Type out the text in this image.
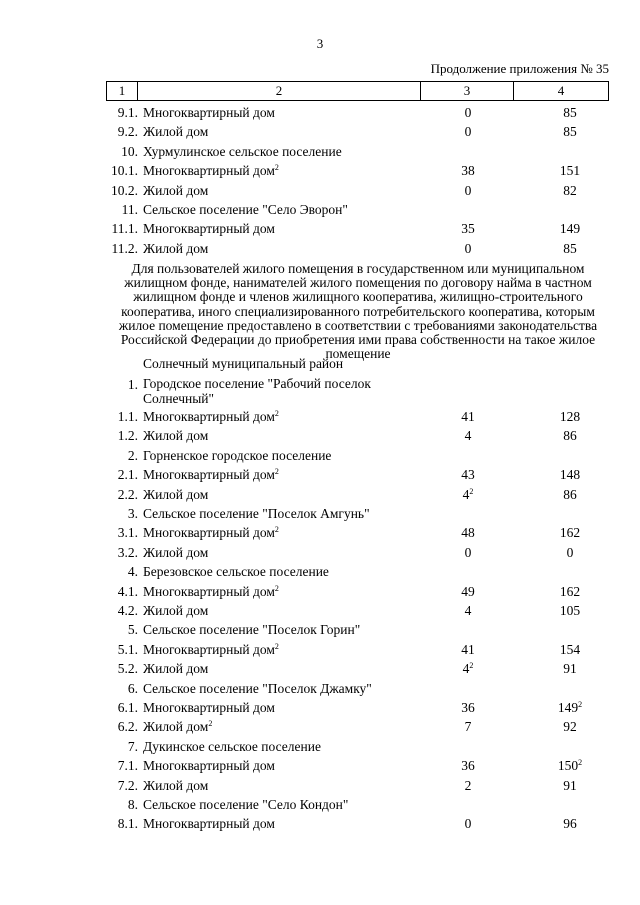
3
Продолжение приложения № 35
1	2	3	4
9.1. Многоквартирный дом	0	85
9.2. Жилой дом	0	85
10. Хурмулинское сельское поселение
10.1. Многоквартирный дом$^2$	38	151
10.2. Жилой дом	0	82
11. Сельское поселение "Село Эворон"
11.1. Многоквартирный дом	35	149
11.2. Жилой дом	0	85
Для пользователей жилого помещения в государственном или муниципальном жилищном фонде, нанимателей жилого помещения по договору найма в частном жилищном фонде и членов жилищного кооператива, жилищно-строительного кооператива, иного специализированного потребительского кооператива, которым жилое помещение предоставлено в соответствии с требованиями законодательства Российской Федерации до приобретения ими права собственности на такое жилое помещение
Солнечный муниципальный район
1. Городское поселение "Рабочий поселок Солнечный"
1.1. Многоквартирный дом$^2$	41	128
1.2. Жилой дом	4	86
2. Горненское городское поселение
2.1. Многоквартирный дом$^2$	43	148
2.2. Жилой дом	$4^2$	86
3. Сельское поселение "Поселок Амгунь"
3.1. Многоквартирный дом$^2$	48	162
3.2. Жилой дом	0	0
4. Березовское сельское поселение
4.1. Многоквартирный дом$^2$	49	162
4.2. Жилой дом	4	105
5. Сельское поселение "Поселок Горин"
5.1. Многоквартирный дом$^2$	41	154
5.2. Жилой дом	$4^2$	91
6. Сельское поселение "Поселок Джамку"
6.1. Многоквартирный дом	36	$149^2$
6.2. Жилой дом$^2$	7	92
7. Дукинское сельское поселение
7.1. Многоквартирный дом	36	$150^2$
7.2. Жилой дом	2	91
8. Сельское поселение "Село Кондон"
8.1. Многоквартирный дом	0	96
